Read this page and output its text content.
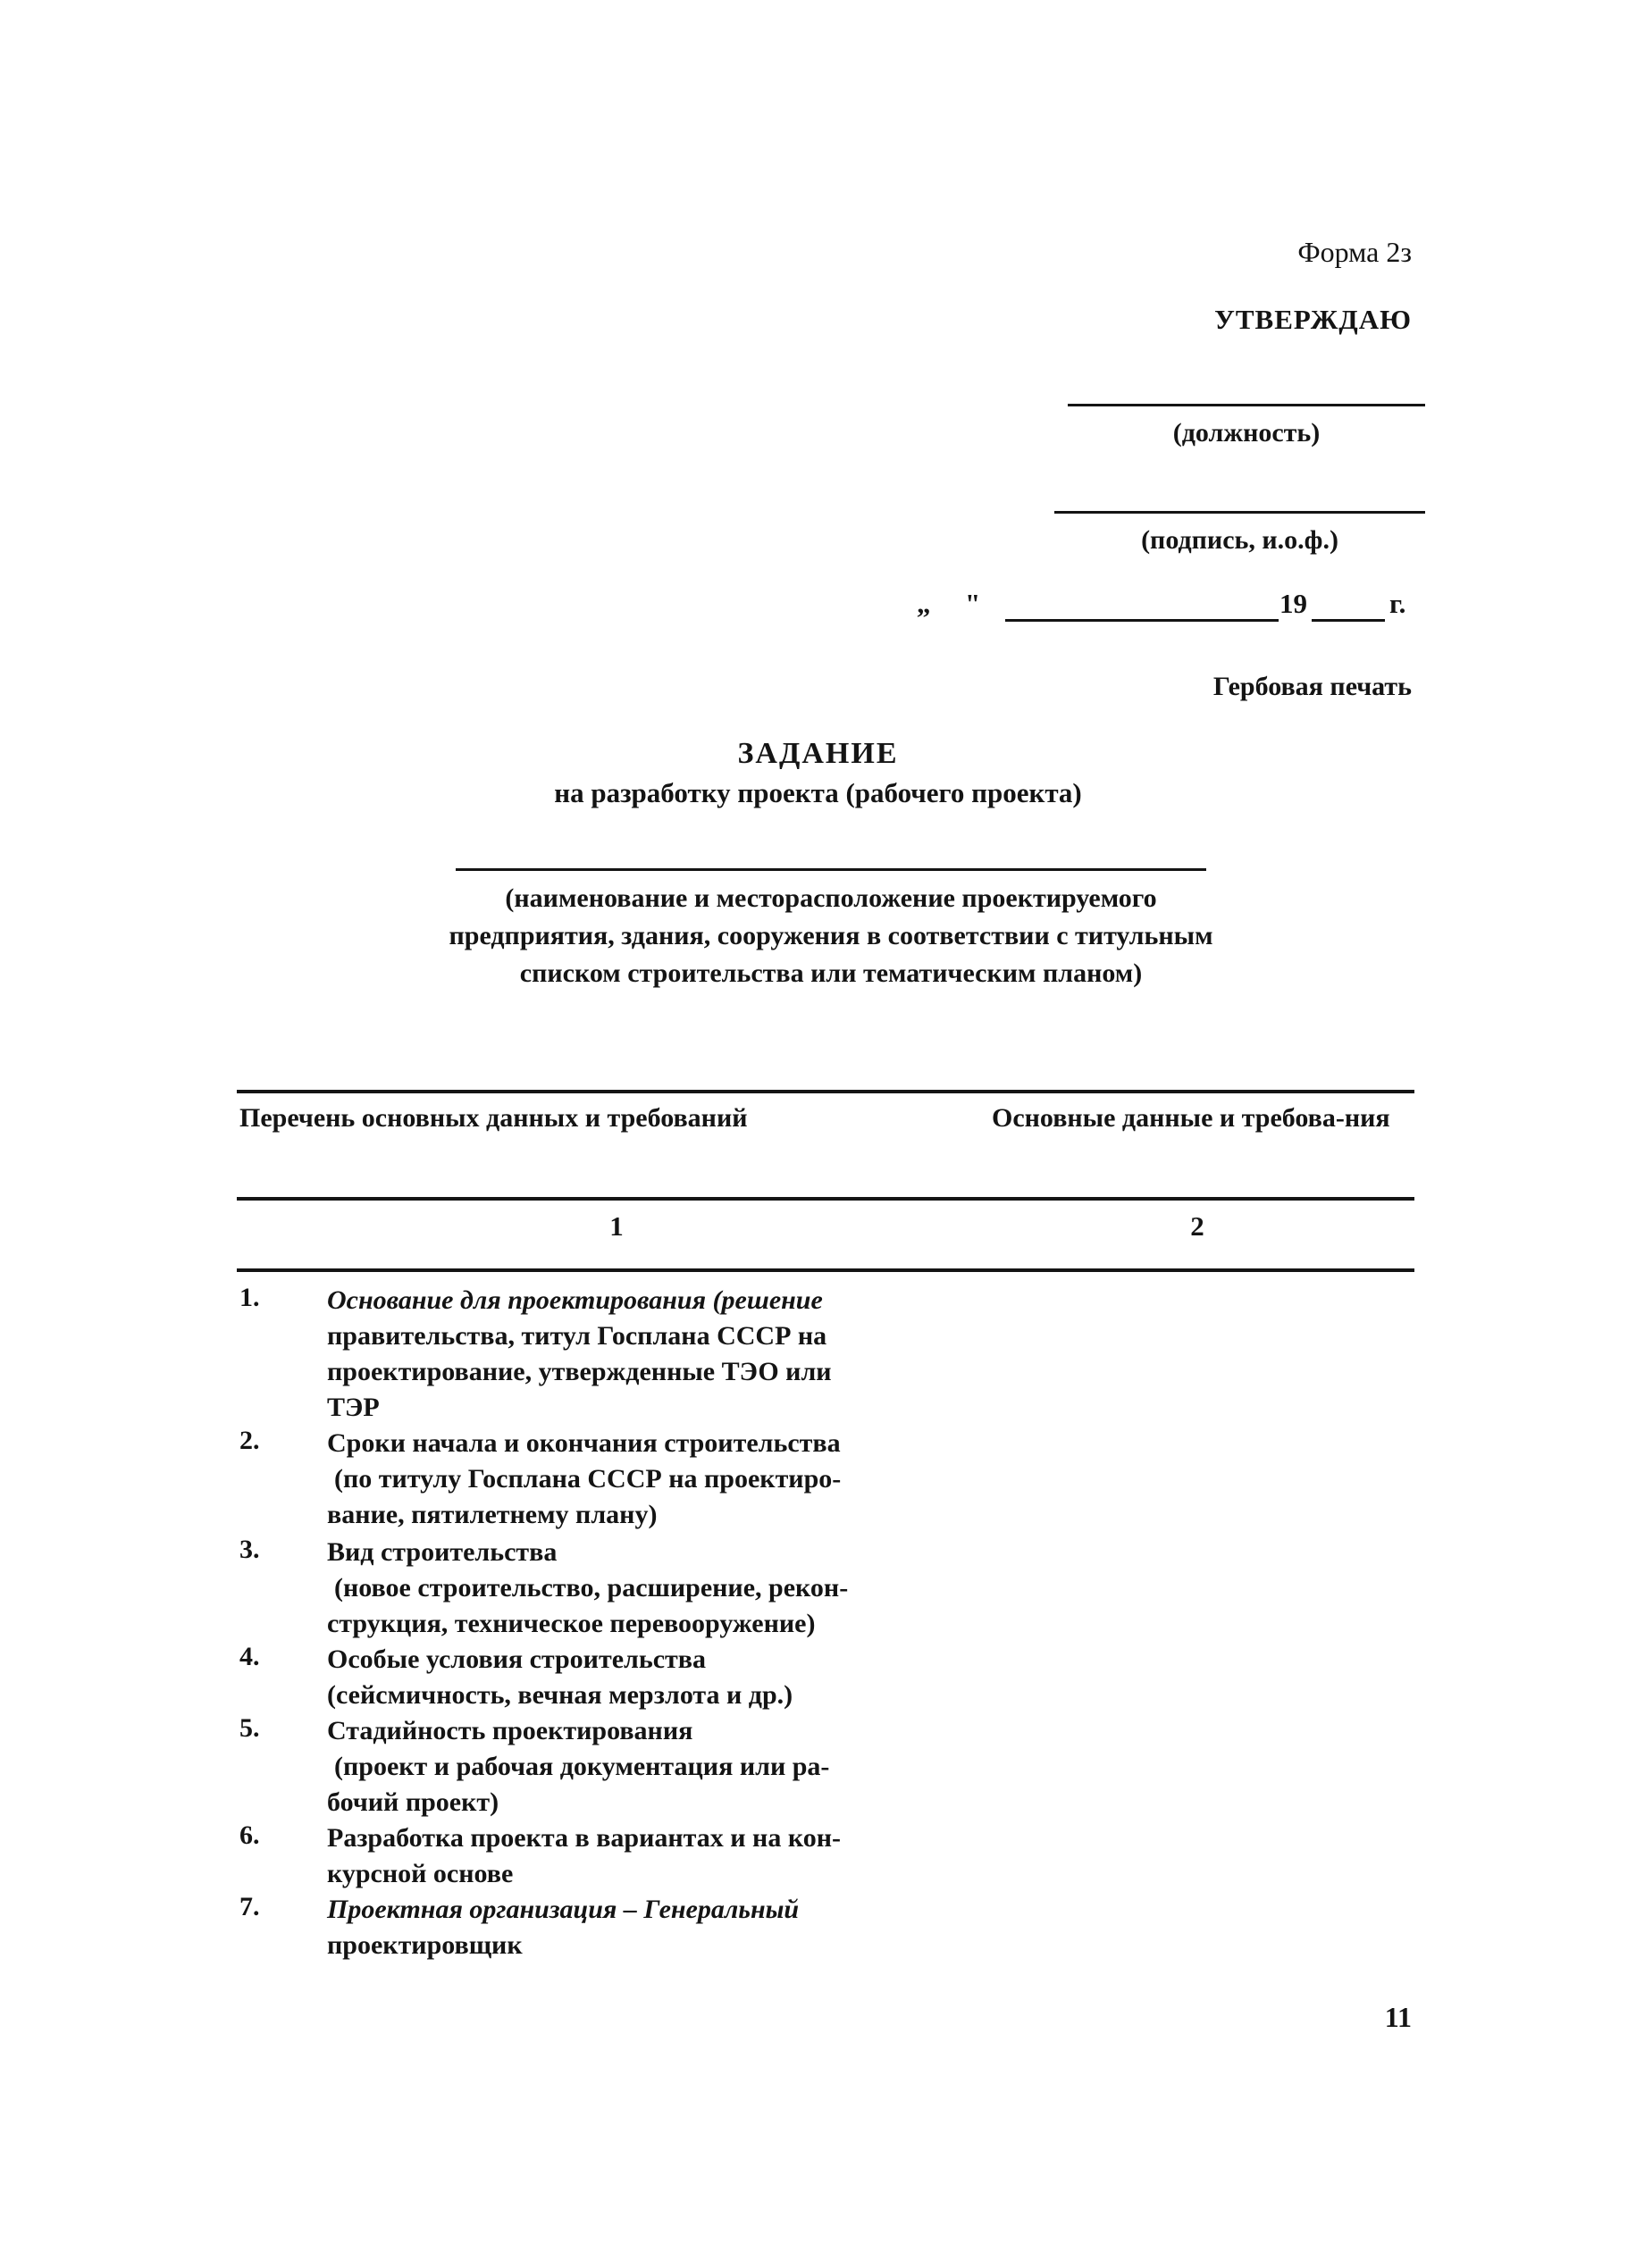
Форма 2з
УТВЕРЖДАЮ
(должность)
(подпись, и.о.ф.)
„ "	19	г.
Гербовая печать
ЗАДАНИЕ
на разработку проекта (рабочего проекта)
(наименование и месторасположение проектируемого предприятия, здания, сооружения в соответствии с титульным списком строительства или тематическим планом)
Перечень основных данных и требований	Основные данные и требова-ния
1	2
1.	Основание для проектирования (решение
правительства, титул Госплана СССР на
проектирование, утвержденные ТЭО или
ТЭР
2.	Сроки начала и окончания строительства
(по титулу Госплана СССР на проектиро-
вание, пятилетнему плану)
3.	Вид строительства
(новое строительство, расширение, рекон-
струкция, техническое перевооружение)
4.	Особые условия строительства
(сейсмичность, вечная мерзлота и др.)
5.	Стадийность проектирования
(проект и рабочая документация или ра-
бочий проект)
6.	Разработка проекта в вариантах и на кон-
курсной основе
7.	Проектная организация – Генеральный
проектировщик
11
